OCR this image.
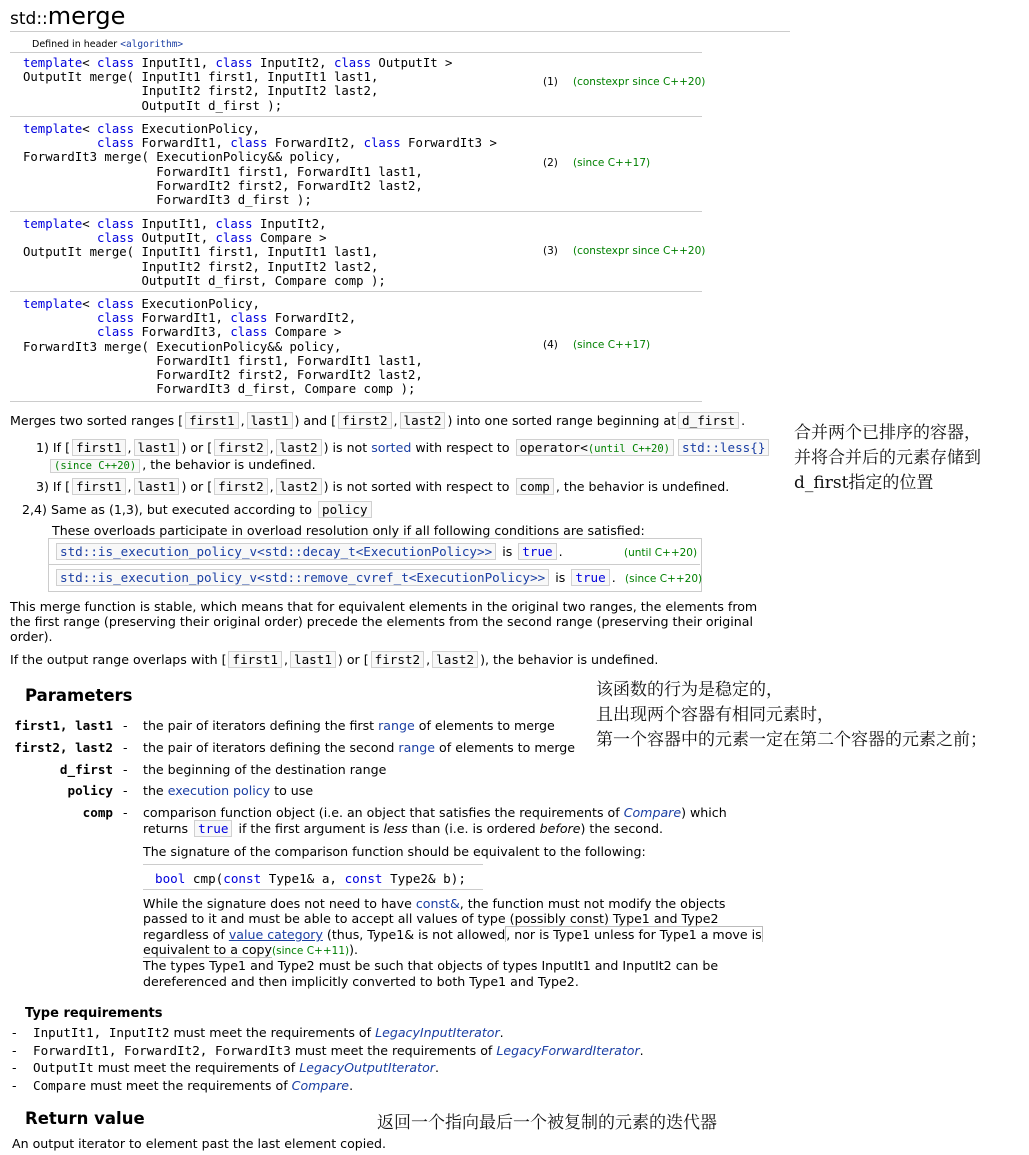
std::merge
Defined in header <algorithm>
template< class InputIt1, class InputIt2, class OutputIt >
OutputIt merge( InputIt1 first1, InputIt1 last1,
InputIt2 first2, InputIt2 last2,
OutputIt d_first );
(1) (constexpr since C++20)
template< class ExecutionPolicy,
class ForwardIt1, class ForwardIt2, class ForwardIt3 >
ForwardIt3 merge( ExecutionPolicy&& policy,
ForwardIt1 first1, ForwardIt1 last1,
ForwardIt2 first2, ForwardIt2 last2,
ForwardIt3 d_first );
(2) (since C++17)
template< class InputIt1, class InputIt2,
class OutputIt, class Compare >
OutputIt merge( InputIt1 first1, InputIt1 last1,
InputIt2 first2, InputIt2 last2,
OutputIt d_first, Compare comp );
(3) (constexpr since C++20)
template< class ExecutionPolicy,
class ForwardIt1, class ForwardIt2,
class ForwardIt3, class Compare >
ForwardIt3 merge( ExecutionPolicy&& policy,
ForwardIt1 first1, ForwardIt1 last1,
ForwardIt2 first2, ForwardIt2 last2,
ForwardIt3 d_first, Compare comp );
(4) (since C++17)
Merges two sorted ranges [ first1 , last1 ) and [ first2 , last2 ) into one sorted range beginning at d_first .
1) If [ first1 , last1 ) or [ first2 , last2 ) is not sorted with respect to operator<(until C++20) std::less{}
(since C++20) , the behavior is undefined.
3) If [ first1 , last1 ) or [ first2 , last2 ) is not sorted with respect to comp , the behavior is undefined.
2,4) Same as (1,3), but executed according to policy
These overloads participate in overload resolution only if all following conditions are satisfied:
std::is_execution_policy_v<std::decay_t<ExecutionPolicy>> is true .	(until C++20)
std::is_execution_policy_v<std::remove_cvref_t<ExecutionPolicy>> is true . (since C++20)
This merge function is stable, which means that for equivalent elements in the original two ranges, the elements from
the first range (preserving their original order) precede the elements from the second range (preserving their original
order).
If the output range overlaps with [ first1 , last1 ) or [ first2 , last2 ), the behavior is undefined.
Parameters
first1, last1 - the pair of iterators defining the first range of elements to merge
first2, last2 - the pair of iterators defining the second range of elements to merge
d_first - the beginning of the destination range
policy - the execution policy to use
comp - comparison function object (i.e. an object that satisfies the requirements of Compare) which
returns true if the first argument is less than (i.e. is ordered before) the second.
The signature of the comparison function should be equivalent to the following:
bool cmp(const Type1& a, const Type2& b);
While the signature does not need to have const&, the function must not modify the objects
passed to it and must be able to accept all values of type (possibly const) Type1 and Type2
regardless of value category (thus, Type1& is not allowed, nor is Type1 unless for Type1 a move is
equivalent to a copy(since C++11)).
The types Type1 and Type2 must be such that objects of types InputIt1 and InputIt2 can be
dereferenced and then implicitly converted to both Type1 and Type2.
Type requirements
- InputIt1, InputIt2 must meet the requirements of LegacyInputIterator.
- ForwardIt1, ForwardIt2, ForwardIt3 must meet the requirements of LegacyForwardIterator.
- OutputIt must meet the requirements of LegacyOutputIterator.
- Compare must meet the requirements of Compare.
Return value
An output iterator to element past the last element copied.
合并两个已排序的容器，
并将合并后的元素存储到
d_first指定的位置
该函数的行为是稳定的，
且出现两个容器有相同元素时，
第一个容器中的元素一定在第二个容器的元素之前；
返回一个指向最后一个被复制的元素的迭代器
